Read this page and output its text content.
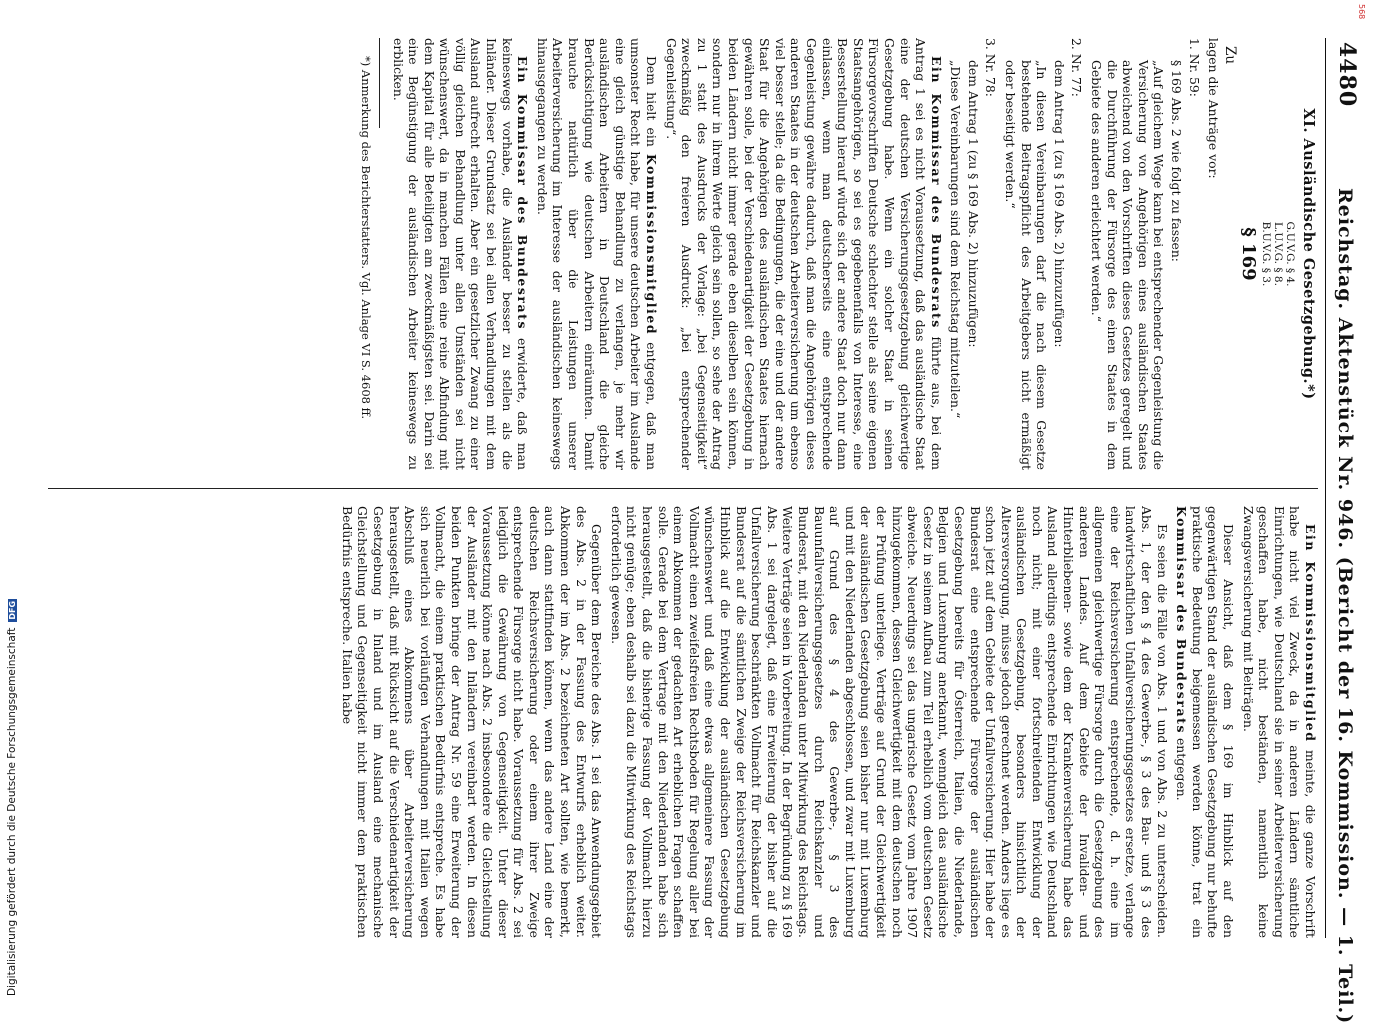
4480
Reichstag. Aktenstück Nr. 946. (Bericht der 16. Kommission. — 1. Teil.)
XI. Ausländische Gesetzgebung.*)
G.U.V.G. § 4.
L.U.V.G. § 8.
B.U.V.G. § 3.
§ 169
Zu

lagen die Anträge vor:

1. Nr. 59:

§ 169 Abs. 2 wie folgt zu fassen:

„Auf gleichem Wege kann bei entsprechender Gegenleistung die Versicherung von Angehörigen eines ausländischen Staates abweichend von den Vorschriften dieses Gesetzes geregelt und die Durchführung der Fürsorge des einen Staates in dem Gebiete des anderen erleichtert werden.“

2. Nr. 77:

dem Antrag 1 (zu § 169 Abs. 2) hinzuzufügen:

„In diesen Vereinbarungen darf die nach diesem Gesetze bestehende Beitragspflicht des Arbeitgebers nicht ermäßigt oder beseitigt werden.“

3. Nr. 78:

dem Antrag 1 (zu § 169 Abs. 2) hinzuzufügen:

„Diese Vereinbarungen sind dem Reichstag mitzuteilen.“

Ein Kommissar des Bundesrats führte aus, bei dem Antrag 1 sei es nicht Voraussetzung, daß das ausländische Staat eine der deutschen Versicherungsgesetzgebung gleichwertige Gesetzgebung habe. Wenn ein solcher Staat in seinen Fürsorgevorschriften Deutsche schlechter stelle als seine eigenen Staatsangehörigen, so sei es gegebenenfalls von Interesse, eine Besserstellung hierauf würde sich der andere Staat doch nur dann einlassen, wenn man deutscherseits eine entsprechende Gegenleistung gewähre dadurch, daß man die Angehörigen dieses anderen Staates in der deutschen Arbeiterversicherung um ebenso viel besser stelle; da die Bedingungen, die der eine und der andere Staat für die Angehörigen des ausländischen Staates hiernach gewähren solle, bei der Verschiedenartigkeit der Gesetzgebung in beiden Ländern nicht immer gerade eben dieselben sein können, sondern nur in ihrem Werte gleich sein sollen, so sehe der Antrag zu 1 statt des Ausdrucks der Vorlage: „bei Gegenseitigkeit“ zweckmäßig den freieren Ausdruck: „bei entsprechender Gegenleistung“.

Dem hielt ein Kommissionsmitglied entgegen, daß man umsonster Recht habe, für unsere deutschen Arbeiter im Auslande eine gleich günstige Behandlung zu verlangen, je mehr wir ausländischen Arbeitern in Deutschland die gleiche Berücksichtigung wie deutschen Arbeitern einräumten. Damit brauche natürlich über die Leistungen unserer Arbeiterversicherung im Interesse der ausländischen keineswegs hinausgegangen zu werden.

Ein Kommissar des Bundesrats erwiderte, daß man keineswegs vorhabe, die Ausländer besser zu stellen als die Inländer. Dieser Grundsatz sei bei allen Verhandlungen mit dem Ausland aufrecht erhalten. Aber ein gesetzlicher Zwang zu einer völlig gleichen Behandlung unter allen Umständen sei nicht wünschenswert, da in manchen Fällen eine reine Abfindung mit dem Kapital für alle Beteiligten am zweckmäßigsten sei. Darin sei eine Begünstigung der ausländischen Arbeiter keineswegs zu erblicken.

*) Anmerkung des Berichterstatters. Vgl. Anlage VI S. 4608 ff.

Ein Kommissionsmitglied meinte, die ganze Vorschrift habe nicht viel Zweck, da in anderen Ländern sämtliche Einrichtungen, wie Deutschland sie in seiner Arbeiterversicherung geschaffen habe, nicht beständen, namentlich keine Zwangsversicherung mit Beiträgen.

Dieser Ansicht, daß dem § 169 im Hinblick auf den gegenwärtigen Stand der ausländischen Gesetzgebung nur behufte praktische Bedeutung beigemessen werden könne, trat ein Kommissar des Bundesrats entgegen.

Es seien die Fälle von Abs. 1 und von Abs. 2 zu unterscheiden. Abs. 1, der den § 4 des Gewerbe-, § 3 des Bau- und § 3 des landwirtschaftlichen Unfallversicherungsgesetzes ersetze, verlange eine der Reichsversicherung entsprechende, d. h. eine im allgemeinen gleichwertige Fürsorge durch die Gesetzgebung des anderen Landes. Auf dem Gebiete der Invaliden- und Hinterbliebenen- sowie dem der Krankenversicherung habe das Ausland allerdings entsprechende Einrichtungen wie Deutschland noch nicht; mit einer fortschreitenden Entwicklung der ausländischen Gesetzgebung, besonders hinsichtlich der Altersversorgung, müsse jedoch gerechnet werden. Anders liege es schon jetzt auf dem Gebiete der Unfallversicherung. Hier habe der Bundesrat eine entsprechende Fürsorge der ausländischen Gesetzgebung bereits für Österreich, Italien, die Niederlande, Belgien und Luxemburg anerkannt, wenngleich das ausländische Gesetz in seinem Aufbau zum Teil erheblich vom deutschen Gesetz abweiche. Neuerdings sei das ungarische Gesetz vom Jahre 1907 hinzugekommen, dessen Gleichwertigkeit mit dem deutschen noch der Prüfung unterliege. Verträge auf Grund der Gleichwertigkeit der ausländischen Gesetzgebung seien bisher nur mit Luxemburg und mit den Niederlanden abgeschlossen, und zwar mit Luxemburg auf Grund des § 4 des Gewerbe-, § 3 des Bauunfallversicherungsgesetzes durch Reichskanzler und Bundesrat, mit den Niederlanden unter Mitwirkung des Reichstags. Weitere Verträge seien in Vorbereitung. In der Begründung zu § 169 Abs. 1 sei dargelegt, daß eine Erweiterung der bisher auf die Unfallversicherung beschränkten Vollmacht für Reichskanzler und Bundesrat auf die sämtlichen Zweige der Reichsversicherung im Hinblick auf die Entwicklung der ausländischen Gesetzgebung wünschenswert und daß eine etwas allgemeinere Fassung der Vollmacht einen zweifelsfreien Rechtsboden für Regelung aller bei einem Abkommen der gedachten Art erheblichen Fragen schaffen solle. Gerade bei dem Vertrage mit den Niederlanden habe sich herausgestellt, daß die bisherige Fassung der Vollmacht hierzu nicht genüge; eben deshalb sei dazu die Mitwirkung des Reichstags erforderlich gewesen.

Gegenüber dem Bereiche des Abs. 1 sei das Anwendungsgebiet des Abs. 2 in der Fassung des Entwurfs erheblich weiter. Abkommen der im Abs. 2 bezeichneten Art sollten, wie bemerkt, auch dann stattfinden können, wenn das andere Land eine der deutschen Reichsversicherung oder einem ihrer Zweige entsprechende Fürsorge nicht habe. Voraussetzung für Abs. 2 sei lediglich die Gewährung von Gegenseitigkeit. Unter dieser Voraussetzung könne nach Abs. 2 insbesondere die Gleichstellung der Ausländer mit den Inländern vereinbart werden. In diesen beiden Punkten bringe der Antrag Nr. 59 eine Erweiterung der Vollmacht, die einem praktischen Bedürfnis entspreche. Es habe sich neuerlich bei vorläufigen Verhandlungen mit Italien wegen Abschluß eines Abkommens über Arbeiterversicherung herausgestellt, daß mit Rücksicht auf die Verschiedenartigkeit der Gesetzgebung in Inland und im Ausland eine mechanische Gleichstellung und Gegenseitigkeit nicht immer dem praktischen Bedürfnis entspreche. Italien habe

Digitalisierung gefördert durch die Deutsche ForschungsgemeinschaftDFG
568
